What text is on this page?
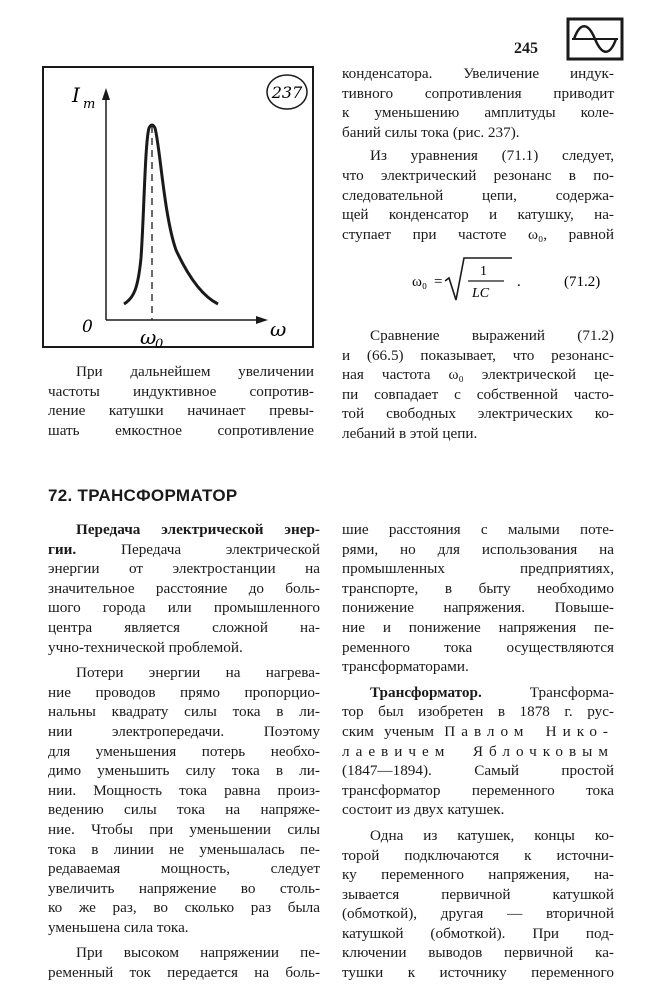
245
237
I m
0 ω
0
ω
конденсатора. Увеличение индук-
тивного сопротивления приводит
к уменьшению амплитуды коле-
баний силы тока (рис. 237).
Из уравнения (71.1) следует,
что электрический резонанс в по-
следовательной цепи, содержа-
щей конденсатор и катушку, на-
ступает при частоте ω₀, равной
ω₀ =
1
LC
.	(71.2)
Сравнение выражений (71.2)
и (66.5) показывает, что резонанс-
ная частота ω₀ электрической це-
пи совпадает с собственной часто-
той свободных электрических ко-
лебаний в этой цепи.
При дальнейшем увеличении
частоты индуктивное сопротив-
ление катушки начинает превы-
шать емкостное сопротивление
72. ТРАНСФОРМАТОР
Передача электрической энер-
гии. Передача электрической
энергии от электростанции на
значительное расстояние до боль-
шого города или промышленного
центра является сложной на-
учно-технической проблемой.
Потери энергии на нагрева-
ние проводов прямо пропорцио-
нальны квадрату силы тока в ли-
нии электропередачи. Поэтому
для уменьшения потерь необхо-
димо уменьшить силу тока в ли-
нии. Мощность тока равна произ-
ведению силы тока на напряже-
ние. Чтобы при уменьшении силы
тока в линии не уменьшалась пе-
редаваемая мощность, следует
увеличить напряжение во столь-
ко же раз, во сколько раз была
уменьшена сила тока.
При высоком напряжении пе-
ременный ток передается на боль-
шие расстояния с малыми поте-
рями, но для использования на
промышленных предприятиях,
транспорте, в быту необходимо
понижение напряжения. Повыше-
ние и понижение напряжения пе-
ременного тока осуществляются
трансформаторами.
Трансформатор. Трансформа-
тор был изобретен в 1878 г. рус-
ским ученым Павлом Нико-
лаевичем Яблочковым
(1847—1894). Самый простой
трансформатор переменного тока
состоит из двух катушек.
Одна из катушек, концы ко-
торой подключаются к источни-
ку переменного напряжения, на-
зывается первичной катушкой
(обмоткой), другая — вторичной
катушкой (обмоткой). При под-
ключении выводов первичной ка-
тушки к источнику переменного
